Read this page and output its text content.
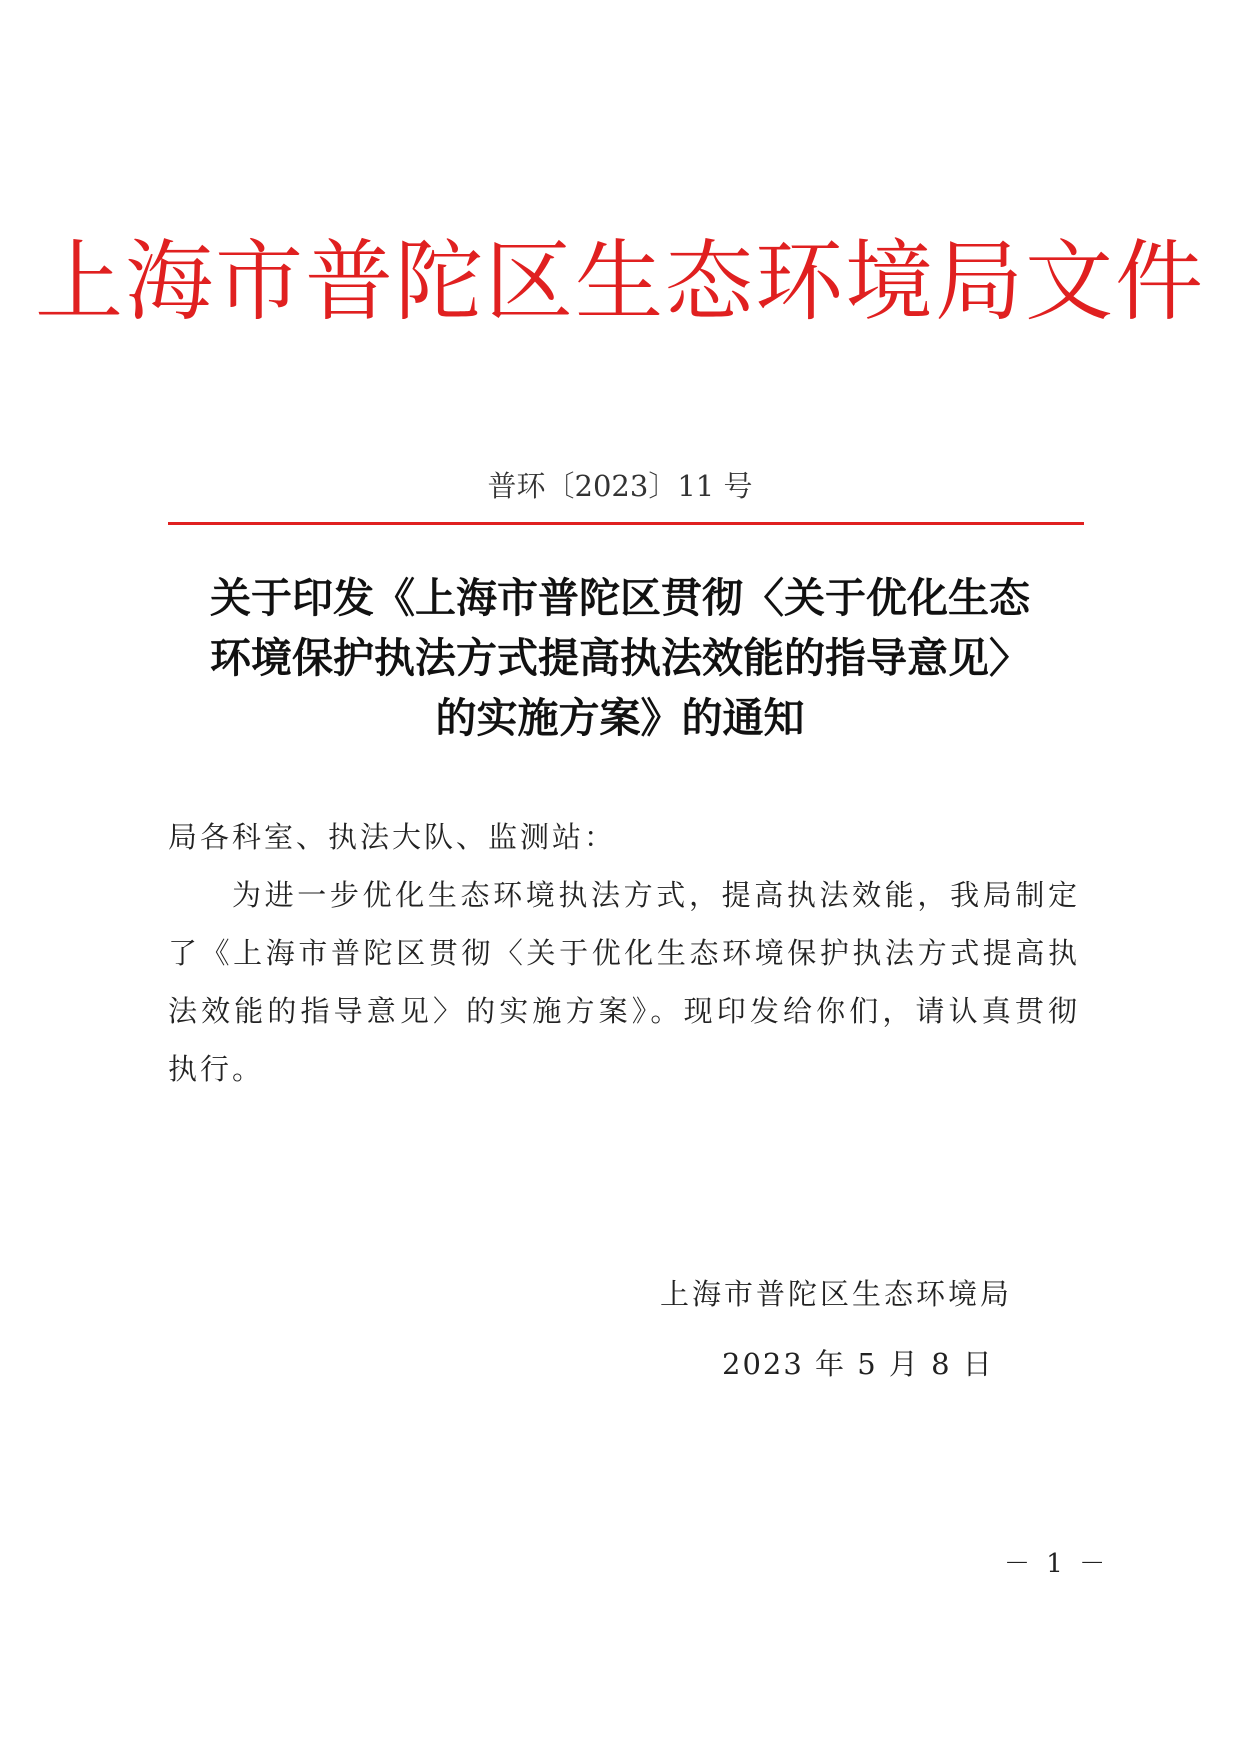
上海市普陀区生态环境局文件
普环〔2023〕11 号
关于印发《上海市普陀区贯彻〈关于优化生态
环境保护执法方式提高执法效能的指导意见〉
的实施方案》的通知
局各科室、执法大队、监测站：
为进一步优化生态环境执法方式，提高执法效能，我局制定了《上海市普陀区贯彻〈关于优化生态环境保护执法方式提高执法效能的指导意见〉的实施方案》。现印发给你们，请认真贯彻执行。
上海市普陀区生态环境局
2023 年 5 月 8 日
－ 1 －
